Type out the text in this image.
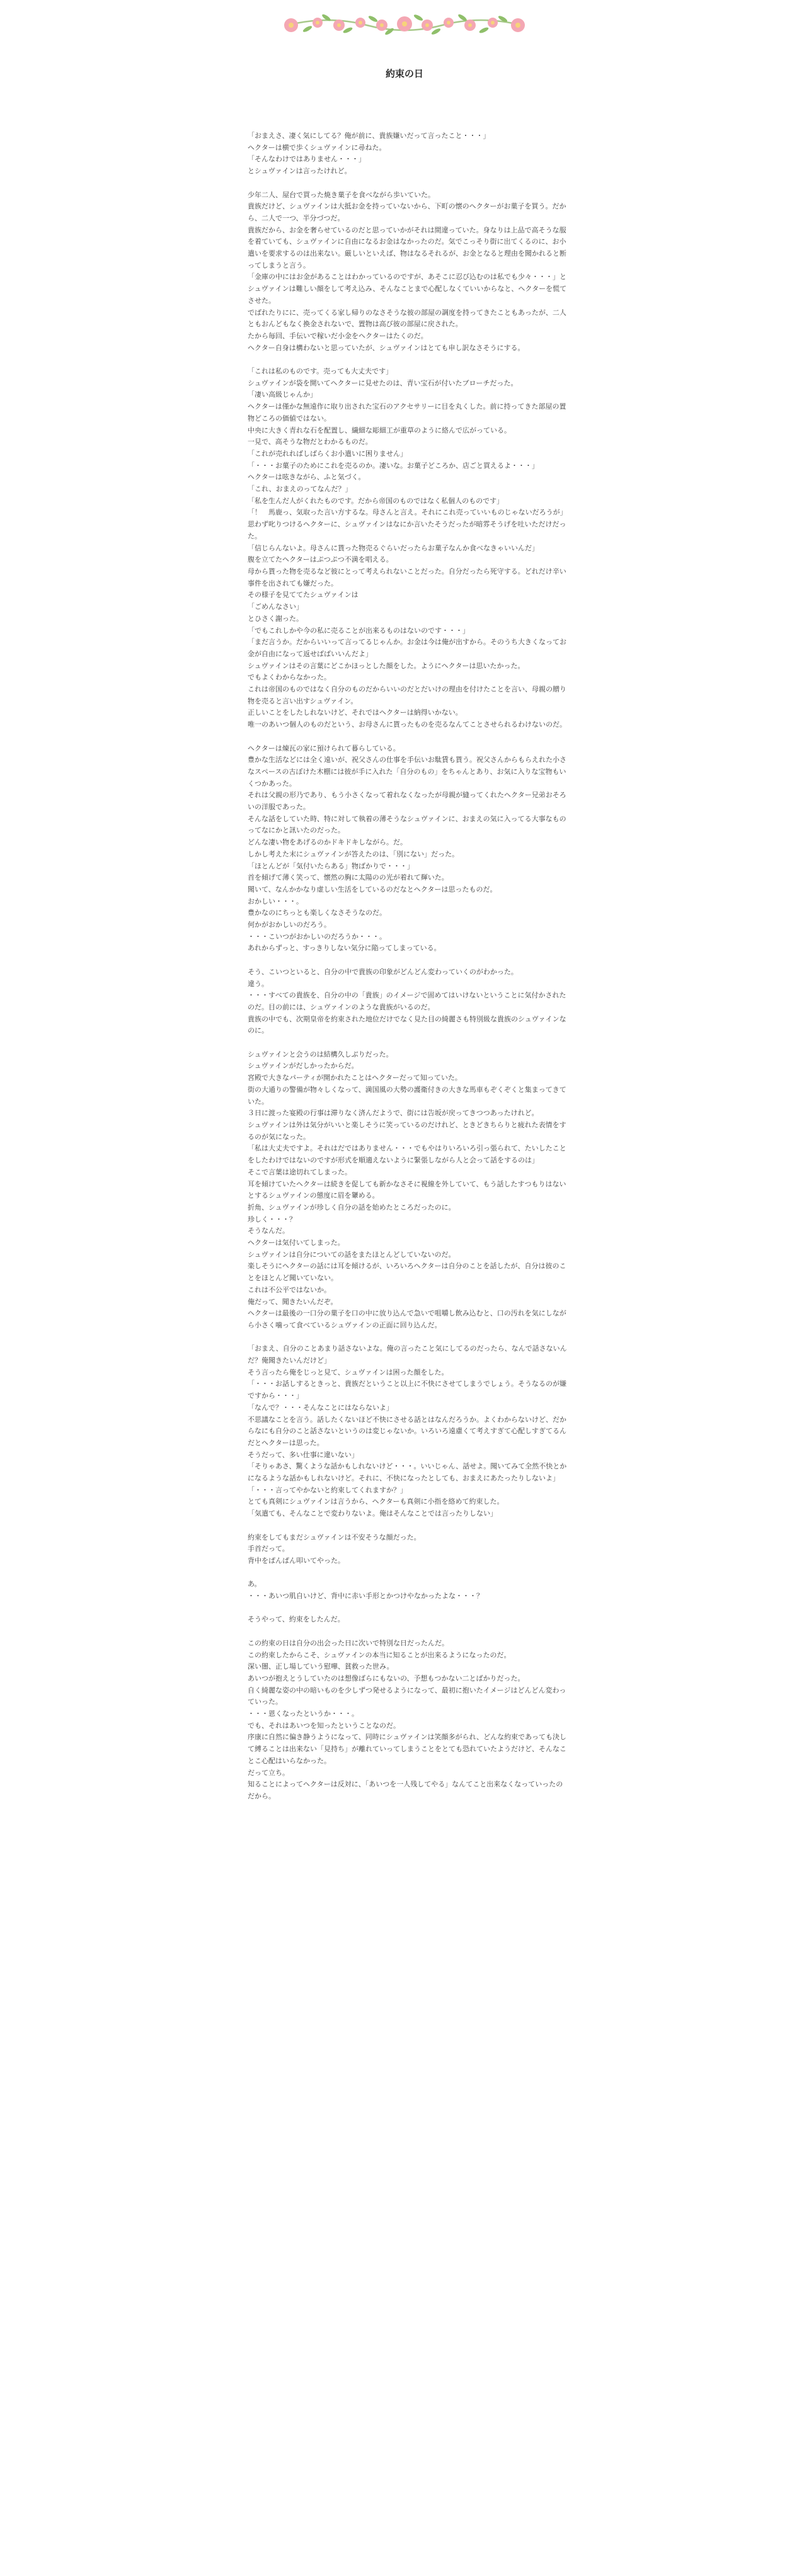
約束の日
「おまえさ、凄く気にしてる？俺が前に、貴族嫌いだって言ったこと・・・」
ヘクターは横で歩くシュヴァインに尋ねた。
「そんなわけではありません・・・」
とシュヴァインは言ったけれど。
少年二人、屋台で買った焼き菓子を食べながら歩いていた。
貴族だけど、シュヴァインは大抵お金を持っていないから、下町の懐のヘクターがお菓子を買う。だから、二人で一つ、半分づつだ。
貴族だから、お金を奢らせているのだと思っていかがそれは間違っていた。身なりは上品で高そうな服を着ていても、シュヴァインに自由になるお金はなかったのだ。気でこっそり街に出てくるのに、お小遣いを要求するのは出来ない。厳しいといえば、物はなるそれるが、お金となると理由を聞かれると断ってしまうと言う。
「金庫の中にはお金があることはわかっているのですが、あそこに忍び込むのは私でも少々・・・」とシュヴァインは難しい顔をして考え込み、そんなことまで心配しなくていいからなと、ヘクターを慌てさせた。
でばれたりにに、売ってくる家し帰りのなさそうな彼の部屋の調度を持ってきたこともあったが、二人ともおんどもなく換金されないで、置物は高び彼の部屋に戻された。
たから毎回、手伝いで稼いだ小金をヘクターはたくのだ。
ヘクター自身は構わないと思っていたが、シュヴァインはとても申し訳なさそうにする。
「これは私のものです。売っても大丈夫です」
シュヴァインが袋を開いてヘクターに見せたのは、青い宝石が付いたブローチだった。
「凄い高級じゃんか」
ヘクターは僅かな無遠作に取り出された宝石のアクセサリーに目を丸くした。前に持ってきた部屋の置物どころの価値ではない。
中央に大きく青れな石を配置し、繊細な彫細工が重草のように絡んで広がっている。
一見で、高そうな物だとわかるものだ。
「これが売れればしばらくお小遣いに困りません」
「・・・お菓子のためにこれを売るのか。凄いな。お菓子どころか、店ごと買えるよ・・・」
ヘクターは呟きながら、ふと気づく。
「これ、おまえのってなんだ？」
「私を生んだ人がくれたものです。だから帝国のものではなく私個人のものです」
「！　馬鹿っ、気取った言い方するな。母さんと言え。それにこれ売っていいものじゃないだろうが」
思わず叱りつけるヘクターに、シュヴァインはなにか言いたそうだったが暗雰そうげを吐いただけだった。
「信じらんないよ。母さんに貰った物売るぐらいだったらお菓子なんか食べなきゃいいんだ」
腹を立てたヘクターはぷつぷつ不満を唱える。
母から貰った物を売るなど彼にとって考えられないことだった。自分だったら死守する。どれだけ辛い事件を出されても嫌だった。
その様子を見ててたシュヴァインは
「ごめんなさい」
とひさく謝った。
「でもこれしかや今の私に売ることが出来るものはないのです・・・」
「まだ言うか。だからいいって言ってるじゃんか。お金は今は俺が出すから。そのうち大きくなってお金が自由になって返せばばいいんだよ」
シュヴァインはその言葉にどこかほっとした顔をした。ようにヘクターは思いたかった。
でもよくわからなかった。
これは帝国のものではなく自分のものだからいいのだとだいけの理由を付けたことを言い、母親の贈り物を売ると言い出すシュヴァイン。
正しいことをしたしれないけど、それではヘクターは納得いかない。
唯一のあいつ個人のものだという、お母さんに貰ったものを売るなんてことさせられるわけないのだ。
ヘクターは煉瓦の家に預けられて暮らしている。
豊かな生活などには全く遠いが、祝父さんの仕事を手伝いお駄賃も貰う。祝父さんからもらえれた小さなスペースの古ぼけた木棚には彼が手に入れた「自分のもの」をちゃんとあり、お気に入りな宝物もいくつかあった。
それは父親の形乃であり、もう小さくなって着れなくなったが母親が縫ってくれたヘクター兄弟おそろいの洋服であった。
そんな話をしていた時、特に対して執着の薄そうなシュヴァインに、おまえの気に入ってる大事なものってなにかと訊いたのだった。
どんな凄い物をあげるのかドキドキしながら。だ。
しかし考えた末にシュヴァインが答えたのは、「別にない」だった。
「ほとんどが「気付いたらある」物ばかりで・・・」
首を傾げて薄く笑って、懐然の胸に太陽のの光が着れて輝いた。
聞いて、なんかかなり虚しい生活をしているのだなとヘクターは思ったものだ。
おかしい・・・。
豊かなのにちっとも楽しくなさそうなのだ。
何かがおかしいのだろう。
・・・こいつがおかしいのだろうか・・・。
あれからずっと、すっきりしない気分に陥ってしまっている。
そう、こいつといると、自分の中で貴族の印象がどんどん変わっていくのがわかった。
違う。
・・・すべての貴族を、自分の中の「貴族」のイメージで固めてはいけないということに気付かされたのだ。目の前には、シュヴァインのような貴族がいるのだ。
貴族の中でも、次期皇帝を約束された地位だけでなく見た目の綺麗さも特別級な貴族のシュヴァインなのに。
シュヴァインと会うのは結構久しぶりだった。
シュヴァインがだしかったからだ。
宮殿で大きなパーティが開かれたことはヘクターだって知っていた。
街の大通りの警備が物々しくなって、満国風の大勢の護衛付きの大きな馬車もぞくぞくと集まってきていた。
３日に渡った宴殿の行事は滞りなく済んだようで、街には告坂が戻ってきつつあったけれど。
シュヴァインは外は気分がいいと楽しそうに笑っているのだけれど、ときどきちらりと疲れた表情をするのが気になった。
「私は大丈夫ですよ。それはだではありません・・・でもやはりいろいろ引っ張られて、たいしたことをしたわけではないのですが形式を順適えないように緊張しながら人と会って話をするのは」
そこで言葉は途切れてしまった。
耳を傾けていたヘクターは続きを促しても新かなさそに視線を外していて、もう話したすつもりはないとするシュヴァインの態度に眉を顰める。
折角、シュヴァインが珍しく自分の話を始めたところだったのに。
珍しく・・・？
そうなんだ。
ヘクターは気付いてしまった。
シュヴァインは自分についての話をまたほとんどしていないのだ。
楽しそうにヘクターの話には耳を傾けるが、いろいろヘクターは自分のことを話したが、自分は彼のことをほとんど聞いていない。
これは不公平ではないか。
俺だって、聞きたいんだぞ。
ヘクターは最後の一口分の菓子を口の中に放り込んで急いで咀嚼し飲み込むと、口の汚れを気にしながら小さく噛って食べているシュヴァインの正面に回り込んだ。
「おまえ、自分のことあまり話さないよな。俺の言ったこと気にしてるのだったら、なんで話さないんだ？俺聞きたいんだけど」
そう言ったら俺をじっと見て、シュヴァインは困った顔をした。
「・・・お話しするときっと、貴族だということ以上に不快にさせてしまうでしょう。そうなるのが嫌ですから・・・」
「なんで？・・・そんなことにはならないよ」
不思議なことを言う。話したくないほど不快にさせる話とはなんだろうか。よくわからないけど、だからなにも自分のこと話さないというのは変じゃないか。いろいろ遠慮くて考えすぎて心配しすぎてるんだとヘクターは思った。
そうだって、多い仕事に違いない」
「そりゃあさ、驚くような話かもしれないけど・・・。いいじゃん、話せよ。聞いてみて全然不快とかになるような話かもしれないけど。それに、不快になったとしても、おまえにあたったりしないよ」
「・・・言ってやかないと約束してくれますか？」
とても真剣にシュヴァインは言うから、ヘクターも真剣に小指を絡めて約束した。
「気遣ても、そんなことで変わりないよ。俺はそんなことでは言ったりしない」
約束をしてもまだシュヴァインは不安そうな顔だった。
手首だって。
背中をぱんぱん叩いてやった。
あ。
・・・あいつ肌自いけど、背中に赤い手形とかつけやなかったよな・・・？
そうやって、約束をしたんだ。
この約束の日は自分の出会った日に次いで特別な日だったんだ。
この約束したからこそ、シュヴァインの本当に知ることが出来るようになったのだ。
深い闇、正し場していう慰嘩、貧救った世み。
あいつが抱えとうしていたのは想像ばらにもないの、予想もつかない二とばかりだった。
自く綺麗な姿の中の暗いものを少しずつ発せるようになって、最初に抱いたイメージはどんどん変わっていった。
・・・恩くなったというか・・・。
でも、それはあいつを知ったということなのだ。
序康に自然に偏き静うようになって、同時にシュヴァインは笑顔多がられ、どんな約束であっても決して縛ることは出来ない「見持ち」が離れていってしまうことをとても恐れていたようだけど、そんなことこ心配はいらなかった。
だって立ち。
知ることによってヘクターは反対に、「あいつを一人残してやる」なんてこと出来なくなっていったのだから。
